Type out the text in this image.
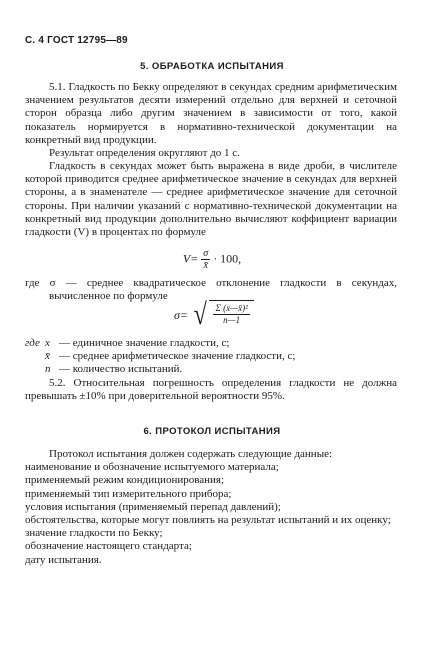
С. 4 ГОСТ 12795—89
5. ОБРАБОТКА ИСПЫТАНИЯ

5.1. Гладкость по Бекку определяют в секундах средним арифметическим значением результатов десяти измерений отдельно для верхней и сеточной сторон образца либо другим значением в зависимости от того, какой показатель нормируется в нормативно-технической документации на конкретный вид продукции.

Результат определения округляют до 1 с.

Гладкость в секундах может быть выражена в виде дроби, в числителе которой приводится среднее арифметическое значение в секундах для верхней стороны, а в знаменателе — среднее арифметическое значение для сеточной стороны. При наличии указаний с нормативно-технической документации на конкретный вид продукции дополнительно вычисляют коффициент вариации гладкости (V) в процентах по формуле

$V= \frac{\sigma}{x̄} \cdot 100$,

где σ — среднее квадратическое отклонение гладкости в секундах, вычисленное по формуле

σ= √ $\frac{\text{Σ (x—x̄)²}}{n—1}$
где x — единичное значение гладкости, с;
x̄ — среднее арифметическое значение гладкости, с;
n — количество испытаний.

5.2. Относительная погрешность определения гладкости не должна превышать ±10% при доверительной вероятности 95%.

6. ПРОТОКОЛ ИСПЫТАНИЯ

Протокол испытания должен содержать следующие данные:

наименование и обозначение испытуемого материала;

применяемый режим кондиционирования;

применяемый тип измерительного прибора;

условия испытания (применяемый перепад давлений);

обстоятельства, которые могут повлиять на результат испытаний и их оценку;

значение гладкости по Бекку;

обозначение настоящего стандарта;

дату испытания.
